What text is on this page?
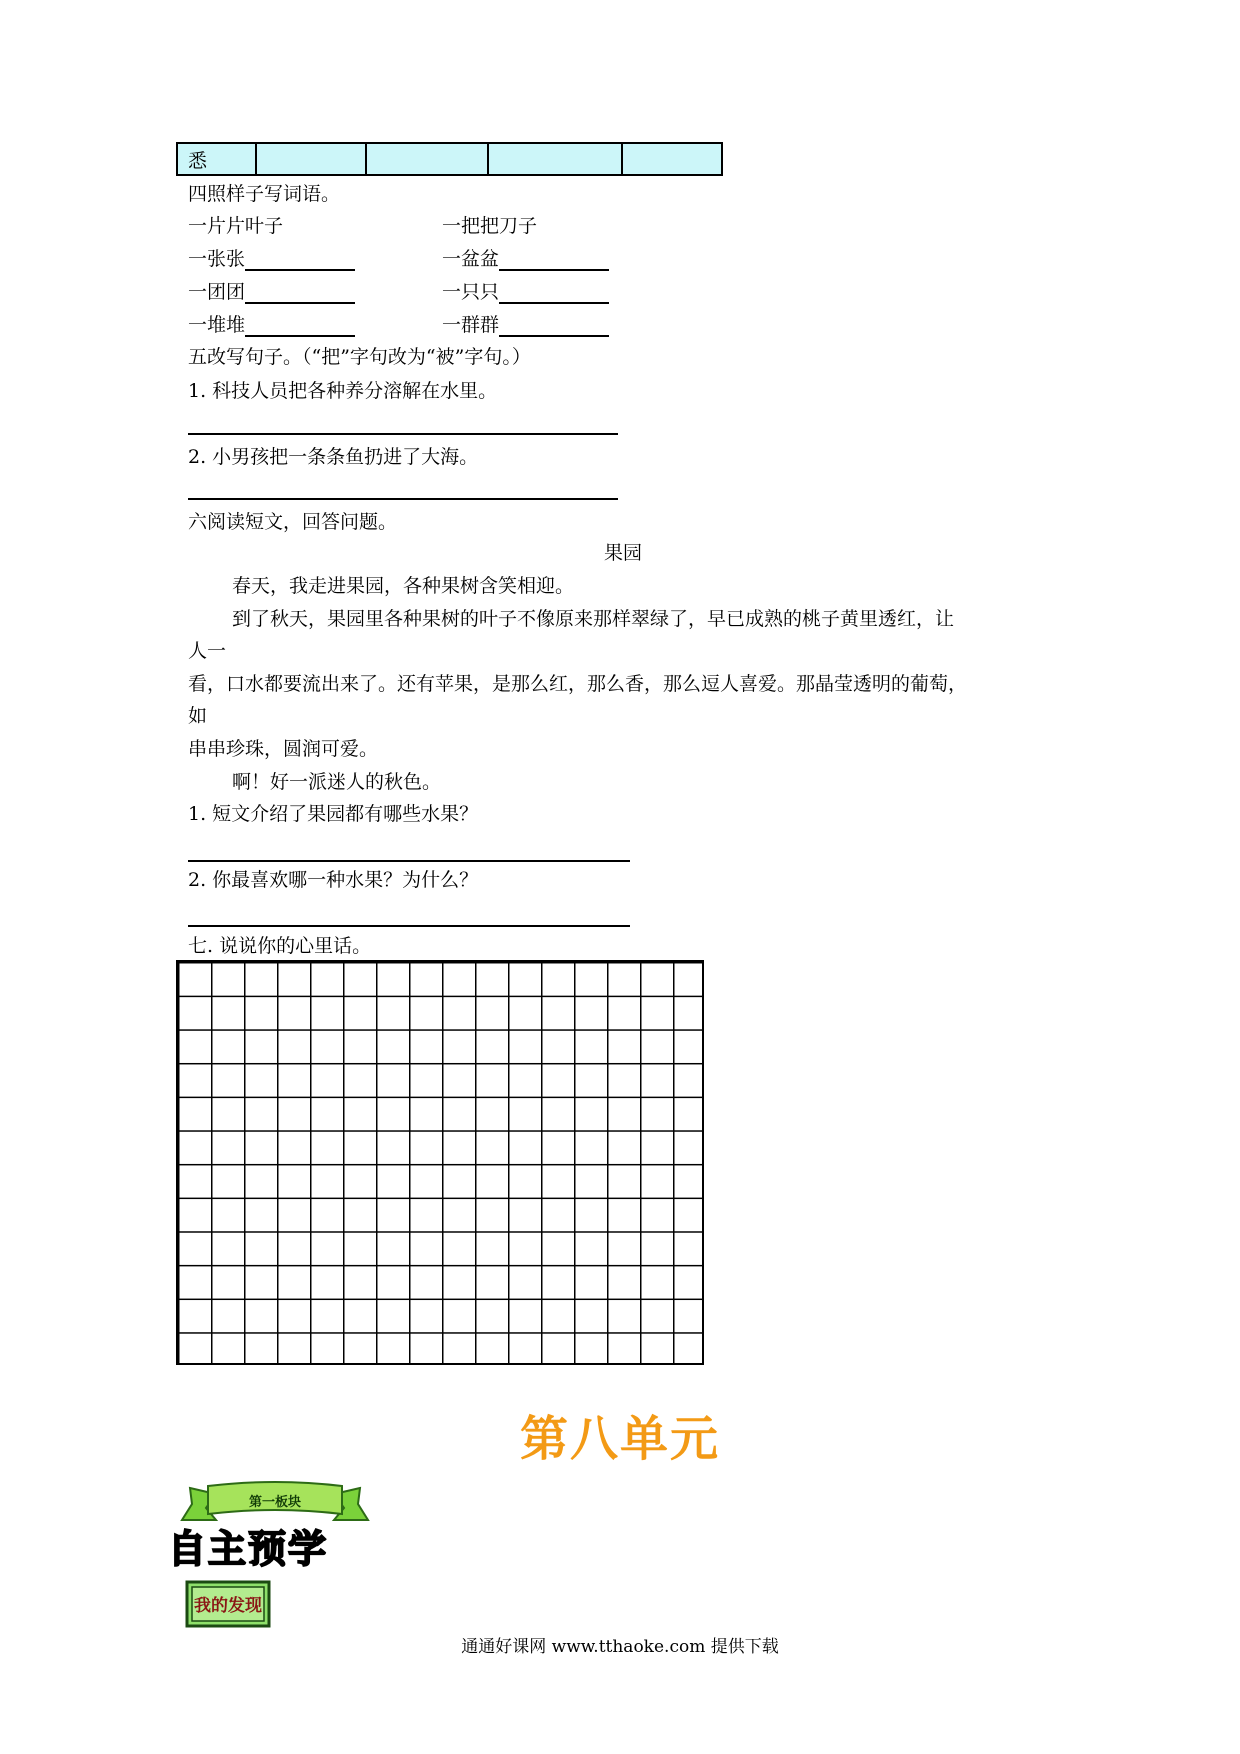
悉				
四照样子写词语。
一片片叶子	一把把刀子
一张张	一盆盆
一团团	一只只
一堆堆	一群群
五改写句子。（“把”字句改为“被”字句。）
1. 科技人员把各种养分溶解在水里。
2. 小男孩把一条条鱼扔进了大海。
六阅读短文，回答问题。
果园
春天，我走进果园，各种果树含笑相迎。
到了秋天，果园里各种果树的叶子不像原来那样翠绿了，早已成熟的桃子黄里透红，让
人一
看，口水都要流出来了。还有苹果，是那么红，那么香，那么逗人喜爱。那晶莹透明的葡萄，
如
串串珍珠，圆润可爱。
啊！好一派迷人的秋色。
1. 短文介绍了果园都有哪些水果？
2. 你最喜欢哪一种水果？为什么？
七. 说说你的心里话。
第八单元
第一板块
自主预学
我的发现
通通好课网 www.tthaoke.com 提供下载
